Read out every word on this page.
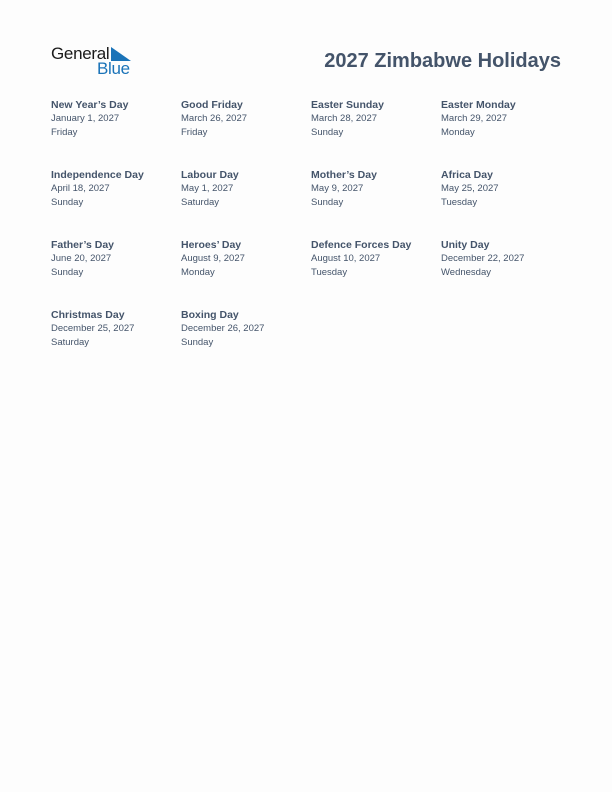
General
Blue	2027 Zimbabwe Holidays
New Year’s Day
January 1, 2027
Friday
Good Friday
March 26, 2027
Friday
Easter Sunday
March 28, 2027
Sunday
Easter Monday
March 29, 2027
Monday
Independence Day
April 18, 2027
Sunday
Labour Day
May 1, 2027
Saturday
Mother’s Day
May 9, 2027
Sunday
Africa Day
May 25, 2027
Tuesday
Father’s Day
June 20, 2027
Sunday
Heroes’ Day
August 9, 2027
Monday
Defence Forces Day
August 10, 2027
Tuesday
Unity Day
December 22, 2027
Wednesday
Christmas Day
December 25, 2027
Saturday
Boxing Day
December 26, 2027
Sunday
